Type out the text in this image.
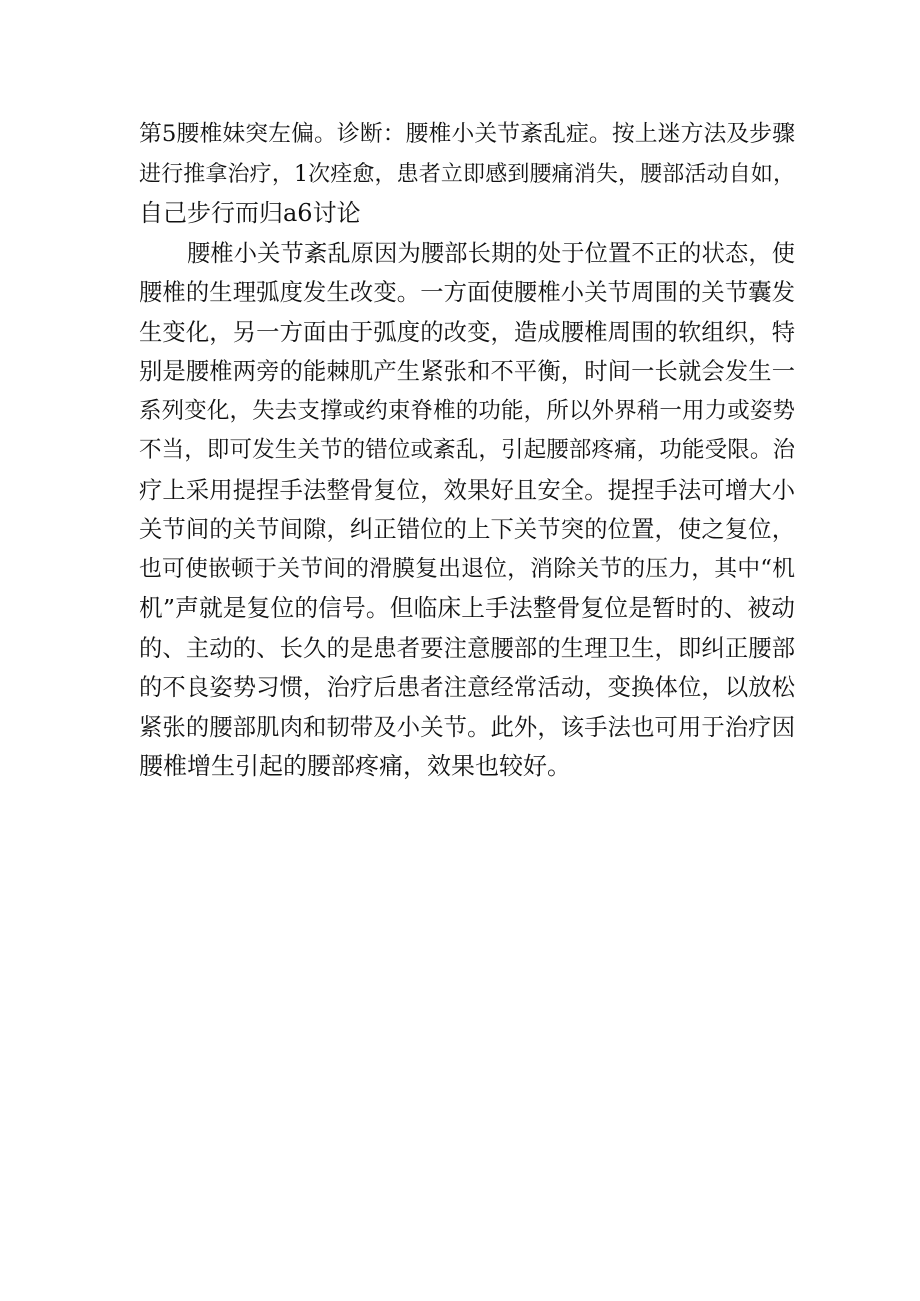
第5腰椎妹突左偏。诊断：腰椎小关节紊乱症。按上迷方法及步骤
进行推拿治疗，1次痊愈，患者立即感到腰痛消失，腰部活动自如，
自己步行而归a6讨论
腰椎小关节紊乱原因为腰部长期的处于位置不正的状态，使
腰椎的生理弧度发生改变。一方面使腰椎小关节周围的关节囊发
生变化，另一方面由于弧度的改变，造成腰椎周围的软组织，特
别是腰椎两旁的能棘肌产生紧张和不平衡，时间一长就会发生一
系列变化，失去支撑或约束脊椎的功能，所以外界稍一用力或姿势
不当，即可发生关节的错位或紊乱，引起腰部疼痛，功能受限。治
疗上采用提捏手法整骨复位，效果好且安全。提捏手法可增大小
关节间的关节间隙，纠正错位的上下关节突的位置，使之复位，
也可使嵌顿于关节间的滑膜复出退位，消除关节的压力，其中“机
机”声就是复位的信号。但临床上手法整骨复位是暂时的、被动
的、主动的、长久的是患者要注意腰部的生理卫生，即纠正腰部
的不良姿势习惯，治疗后患者注意经常活动，变换体位，以放松
紧张的腰部肌肉和韧带及小关节。此外，该手法也可用于治疗因
腰椎增生引起的腰部疼痛，效果也较好。
